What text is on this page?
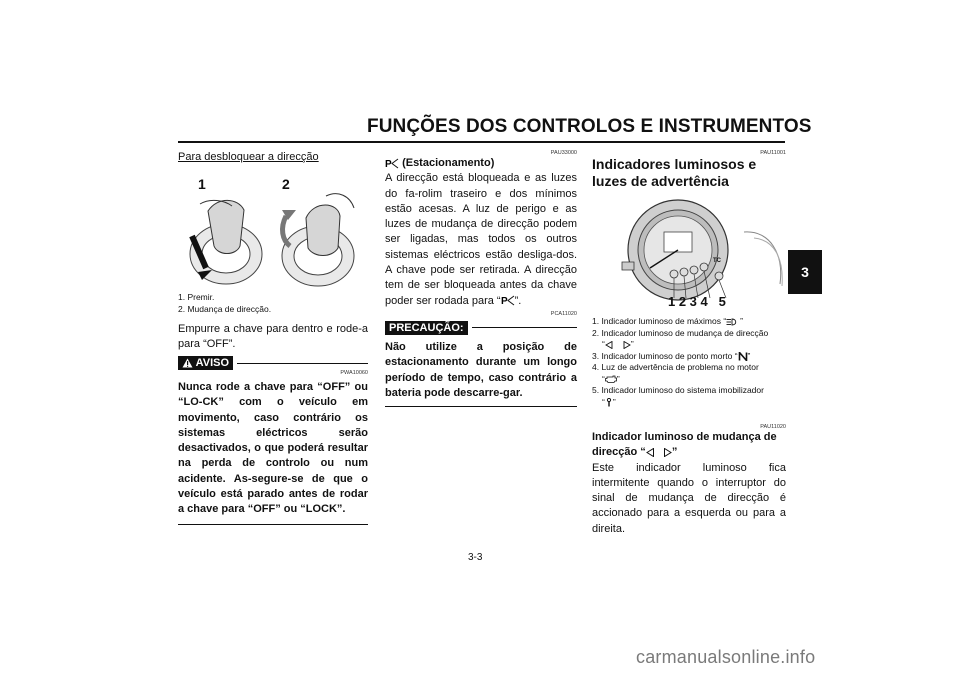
FUNÇÕES DOS CONTROLOS E INSTRUMENTOS
3
Para desbloquear a direcção
1	2
1. Premir.
2. Mudança de direcção.
Empurre a chave para dentro e rode-a para “OFF”.
AVISO
PWA10060
Nunca rode a chave para “OFF” ou “LO-CK” com o veículo em movimento, caso contrário os sistemas eléctricos serão desactivados, o que poderá resultar na perda de controlo ou num acidente. As-segure-se de que o veículo está parado antes de rodar a chave para “OFF” ou “LOCK”.
PAU33000
P (Estacionamento)
A direcção está bloqueada e as luzes do fa-rolim traseiro e dos mínimos estão acesas. A luz de perigo e as luzes de mudança de direcção podem ser ligadas, mas todos os outros sistemas eléctricos estão desliga-dos. A chave pode ser retirada. A direcção tem de ser bloqueada antes da chave poder ser rodada para “ P ”.
PCA11020
PRECAUÇÃO:
Não utilize a posição de estacionamento durante um longo período de tempo, caso contrário a bateria pode descarre-gar.
PAU11001
Indicadores luminosos e luzes de advertência
TC
1 2 3 4   5
1. Indicador luminoso de máximos “ ”
2. Indicador luminoso de mudança de direcção
“	”
3. Indicador luminoso de ponto morto “ ”
4. Luz de advertência de problema no motor
“ ”
5. Indicador luminoso do sistema imobilizador
“ ”
PAU11020
Indicador luminoso de mudança de direcção “ ”
Este indicador luminoso fica intermitente quando o interruptor do sinal de mudança de direcção é accionado para a esquerda ou para a direita.
3-3
carmanualsonline.info
